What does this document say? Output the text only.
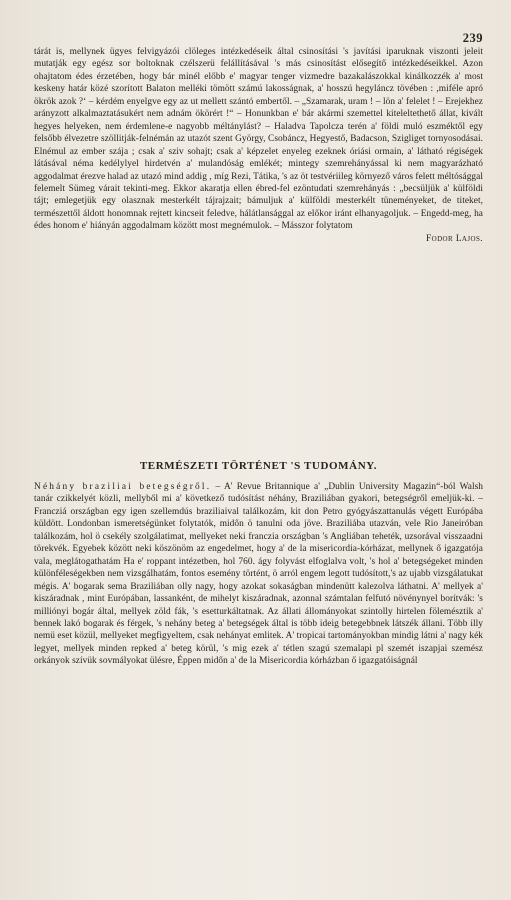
239

tárát is, mellynek ügyes felvigyázói clöleges intézkedéseik által csinosítási 's javítási iparuknak viszonti jeleit mutatják egy egész sor boltoknak czélszerü felállításával 's más csinosítást elősegítő intézkedéseikkel. Azon ohajtatom édes érzetében, hogy bár minél előbb e' magyar tenger vizmedre bazakalászokkal kinálkozzék a' most keskeny határ közé szorított Balaton melléki tömött számú lakosságnak, a' hosszú hegyláncz tövében : ,miféle apró ökrök azok ?‘ – kérdém enyelgve egy az ut mellett szántó embertől. – „Szamarak, uram ! – lön a' felelet ! – Erejekhez arányzott alkalmaztatásukért nem adnám ökörért !“ – Honunkban e' bár akármi szemettel kiteleltethető állat, kivált hegyes helyeken, nem érdemlene-e nagyobb méltánylást? – Haladva Tapolcza terén a' földi muló eszméktől egy felsőbb élvezetre szöllitják-felnémán az utazót szent György, Csobáncz, Hegyestő, Badacson, Szigliget tornyosodásai. Elnémul az ember szája ; csak a' sziv sohajt; csak a' képzelet enyeleg ezeknek óriási ormain, a' látható régiségek látásával néma kedélylyel hirdetvén a' mulandóság emlékét; mintegy szemrehányással ki nem magyarázható aggodalmat érezve halad az utazó mind addig , míg Rezi, Tátika, 's az öt testvériileg környező város felett méltósággal felemelt Sümeg várait tekinti-meg. Ekkor akaratja ellen ébred-fel ezöntudati szemrehányás : „becsüljük a' külföldi tájt; emlegetjük egy olasznak mesterkélt tájrajzait; bámuljuk a' külföldi mesterkélt tüneményeket, de titeket, természettől áldott honomnak rejtett kincseit feledve, hálátlansággal az előkor iránt elhanyagoljuk. – Engedd-meg, ha édes honom e' hiányán aggodalmam között most megnémulok. – Másszor folytatom

Fodor Lajos.

TERMÉSZETI TÖRTÉNET 'S TUDOMÁNY.

Néhány braziliai betegségről. – A' Revue Britannique a' „Dublin University Magazin“-ból Walsh tanár czikkelyét közli, mellyből mi a' következő tudósítást néhány, Braziliában gyakori, betegségről emeljük-ki. – Francziá országban egy igen szellemdús braziliaival találkozám, kit don Petro gyógyászattanulás végett Európába küldött. Londonban ismeretségünket folytatók, midőn ö tanulni oda jöve. Braziliába utazván, vele Rio Janeiróban találkozám, hol ö csekély szolgálatimat, mellyeket neki franczia országban 's Angliában teheték, uzsorával visszaadni törekvék. Egyebek között neki köszönöm az engedelmet, hogy a' de la misericordia-kórházat, mellynek ő igazgatója vala, meglátogathatám Ha e' roppant intézetben, hol 760. ágy folyvást elfoglalva volt, 's hol a' betegségeket minden különféleségekben nem vizsgálhatám, fontos esemény történt, ö arról engem legott tudósított,'s az ujabb vizsgálatukat mégis. A' bogarak sema Braziliában olly nagy, hogy azokat sokaságban mindenütt kalezolva láthatni. A' mellyek a' kiszáradnak , mint Európában, lassanként, de mihelyt kiszáradnak, azonnal számtalan felfutó növénynyel borítvák: 's milliónyi bogár által, mellyek zöld fák, 's esetturkáltatnak. Az állati állományokat szintolly hirtelen fölemésztik a' bennek lakó bogarak és férgek, 's nehány beteg a' betegségek által is több ideig betegebbnek látszék állani. Több illy nemü eset közül, mellyeket megfigyeltem, csak nehányat emlitek. A' tropicai tartományokban mindig látni a' nagy kék legyet, mellyek minden repked a' beteg körül, 's mig ezek a' tétlen szagú szemalapi pl szemét iszapjai szemész orkányok szívük sovmályokat ülésre, Éppen midőn a' de la Misericordia kórházban ő igazgatóiságnál
